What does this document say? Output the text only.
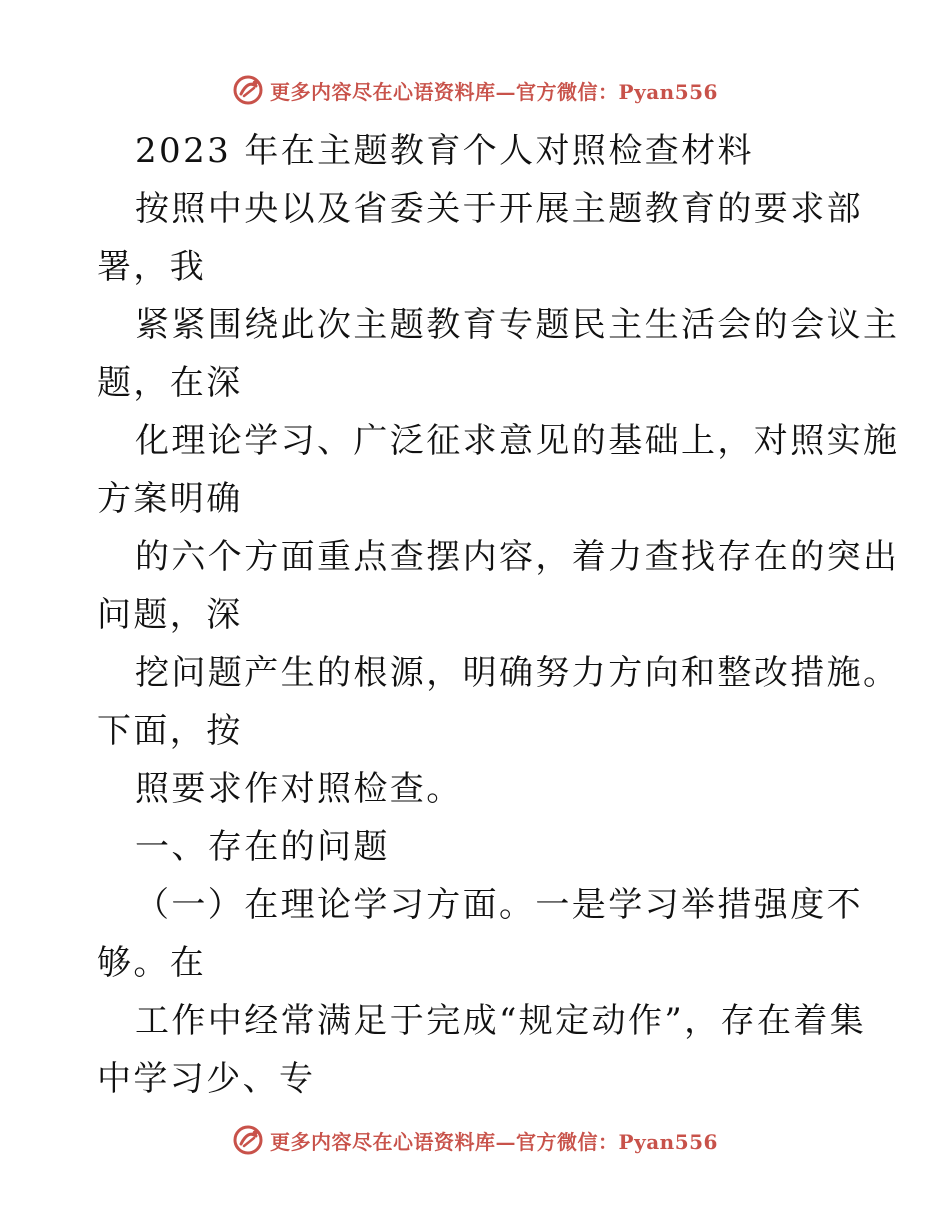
更多内容尽在心语资料库—官方微信：Pyan556
2023 年在主题教育个人对照检查材料
按照中央以及省委关于开展主题教育的要求部
署，我
紧紧围绕此次主题教育专题民主生活会的会议主
题，在深
化理论学习、广泛征求意见的基础上，对照实施
方案明确
的六个方面重点查摆内容，着力查找存在的突出
问题，深
挖问题产生的根源，明确努力方向和整改措施。
下面，按
照要求作对照检查。
一、存在的问题
（一）在理论学习方面。一是学习举措强度不
够。在
工作中经常满足于完成“规定动作”，存在着集
中学习少、专
更多内容尽在心语资料库—官方微信：Pyan556
